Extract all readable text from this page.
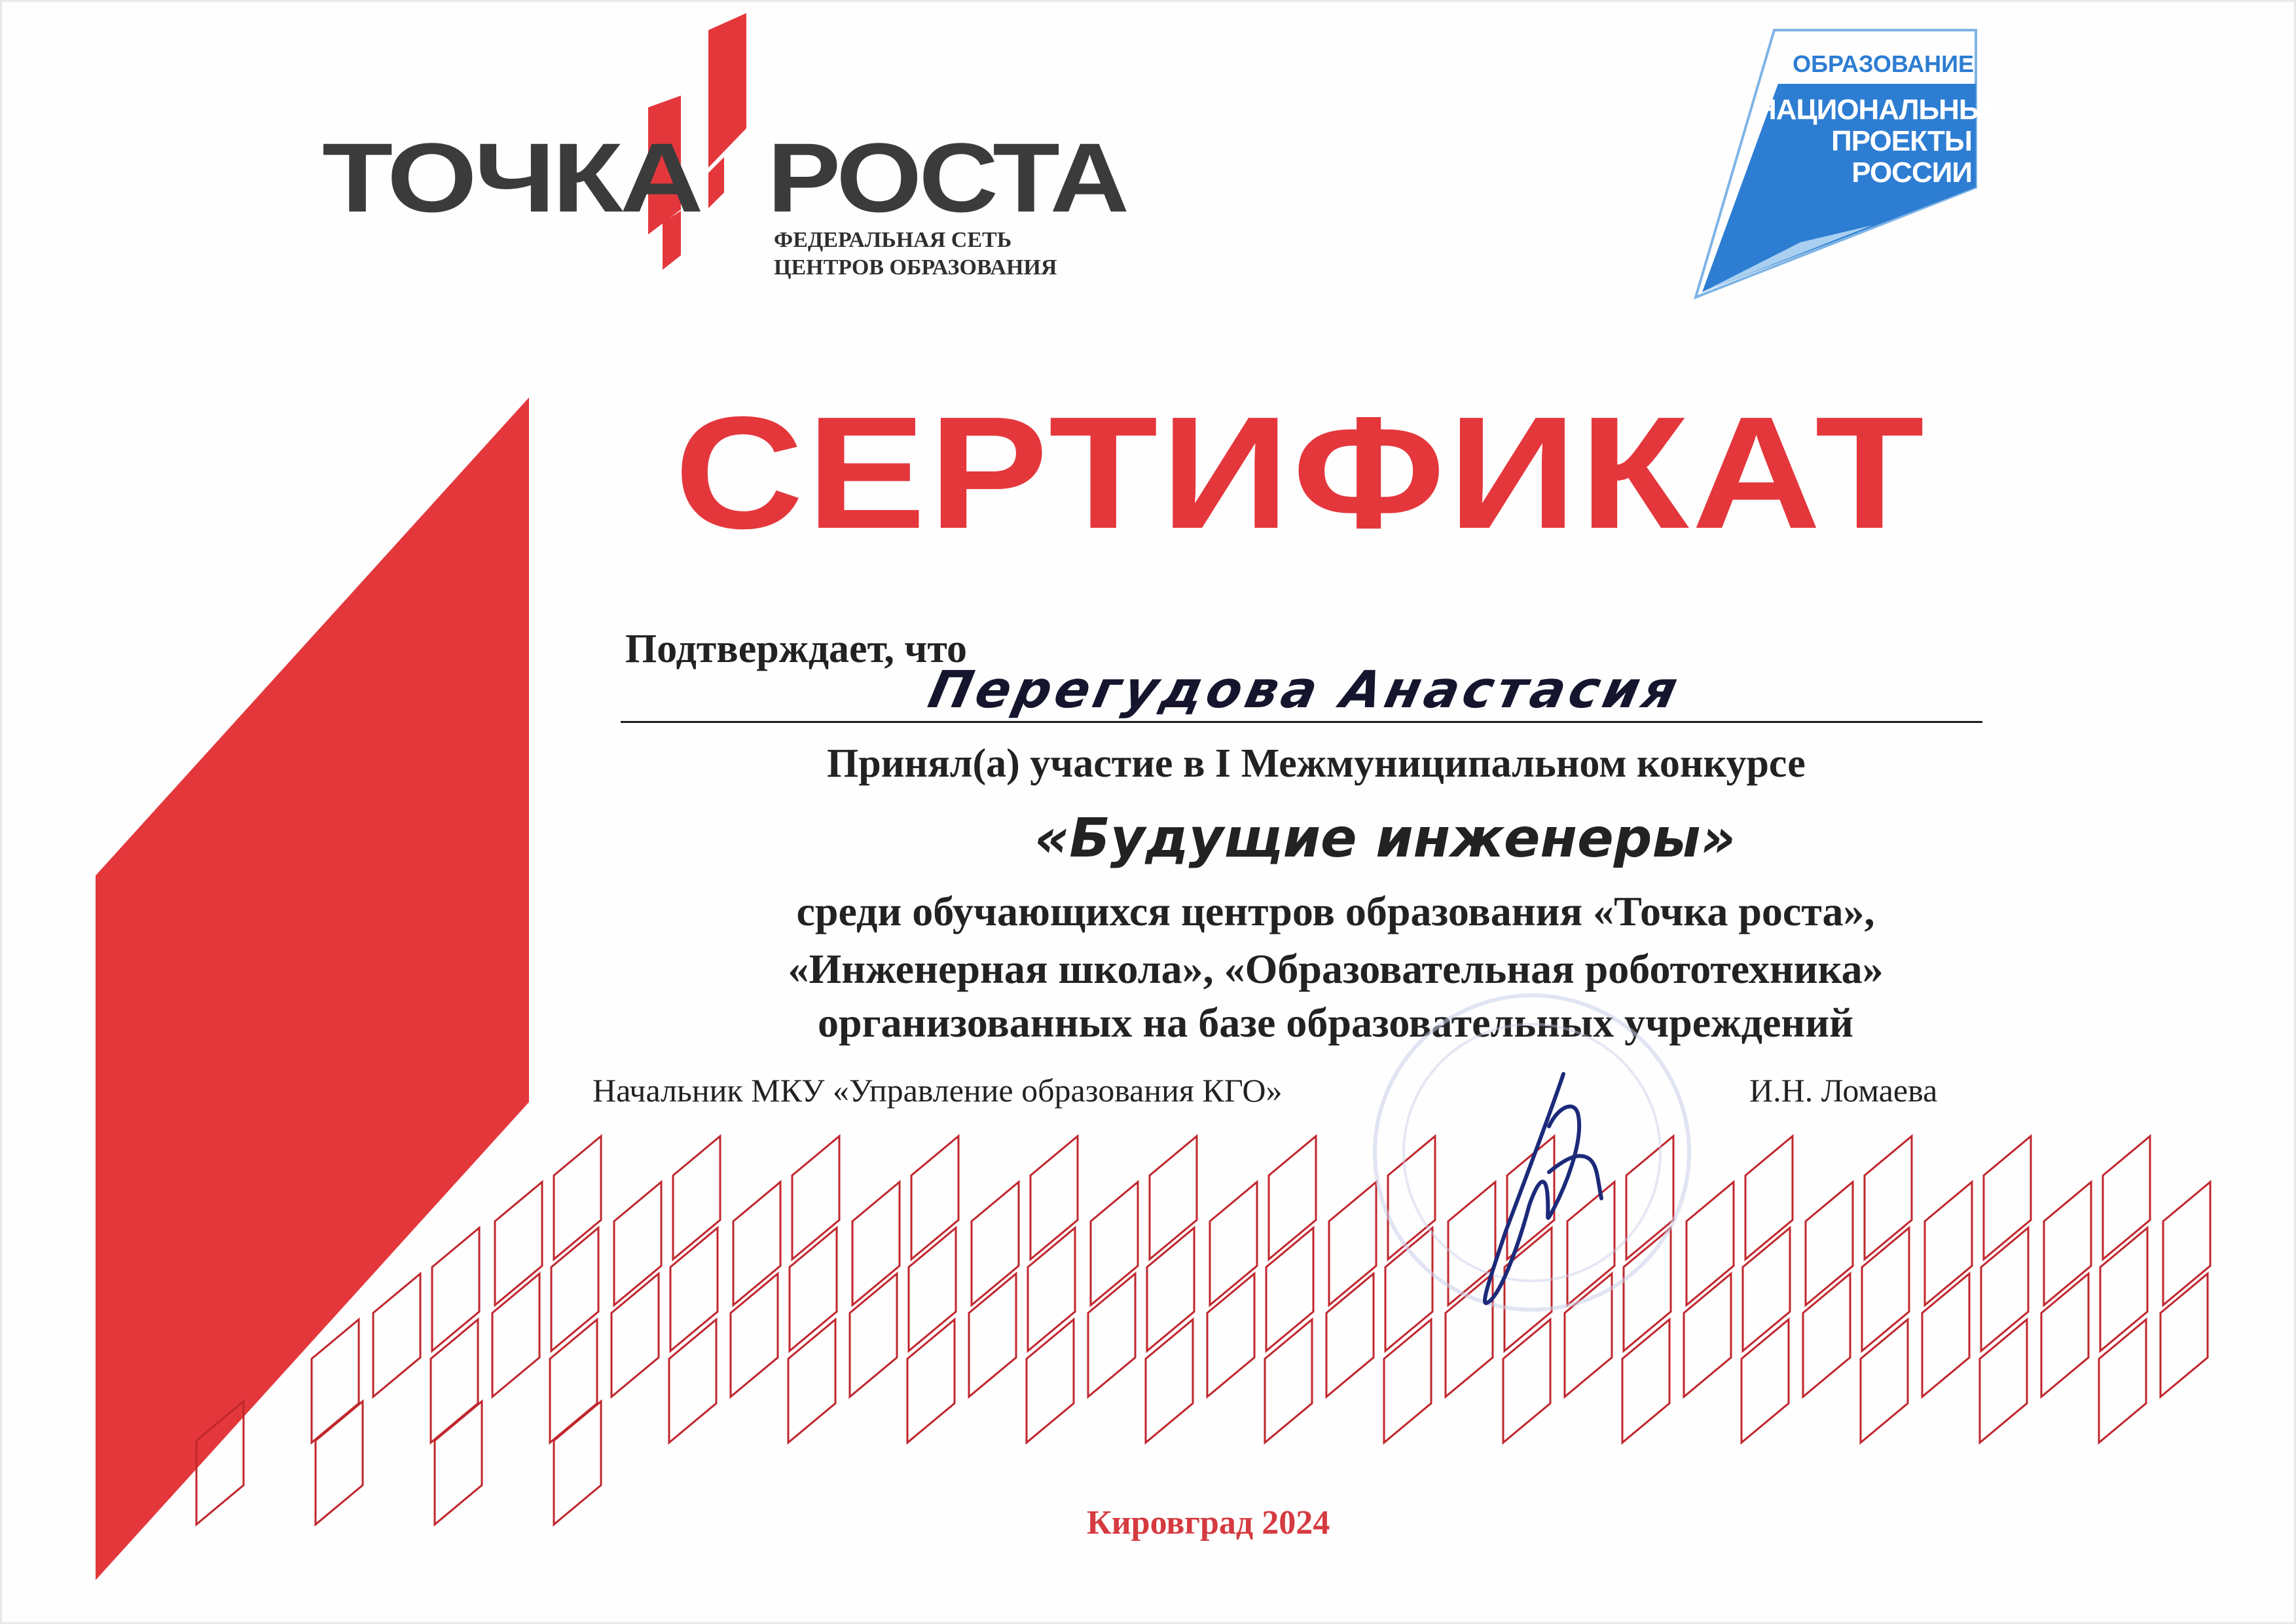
ТОЧКА РОСТА
ФЕДЕРАЛЬНАЯ СЕТЬ
ЦЕНТРОВ ОБРАЗОВАНИЯ
ОБРАЗОВАНИЕ
НАЦИОНАЛЬНЫЕ
ПРОЕКТЫ
РОССИИ
СЕРТИФИКАТ
Подтверждает, что
Перегудова Анастасия
Принял(а) участие в I Межмуниципальном конкурсе
«Будущие инженеры»
среди обучающихся центров образования «Точка роста»,
«Инженерная школа», «Образовательная робототехника»
организованных на базе образовательных учреждений
Начальник МКУ «Управление образования КГО»	И.Н. Ломаева
Кировград 2024
